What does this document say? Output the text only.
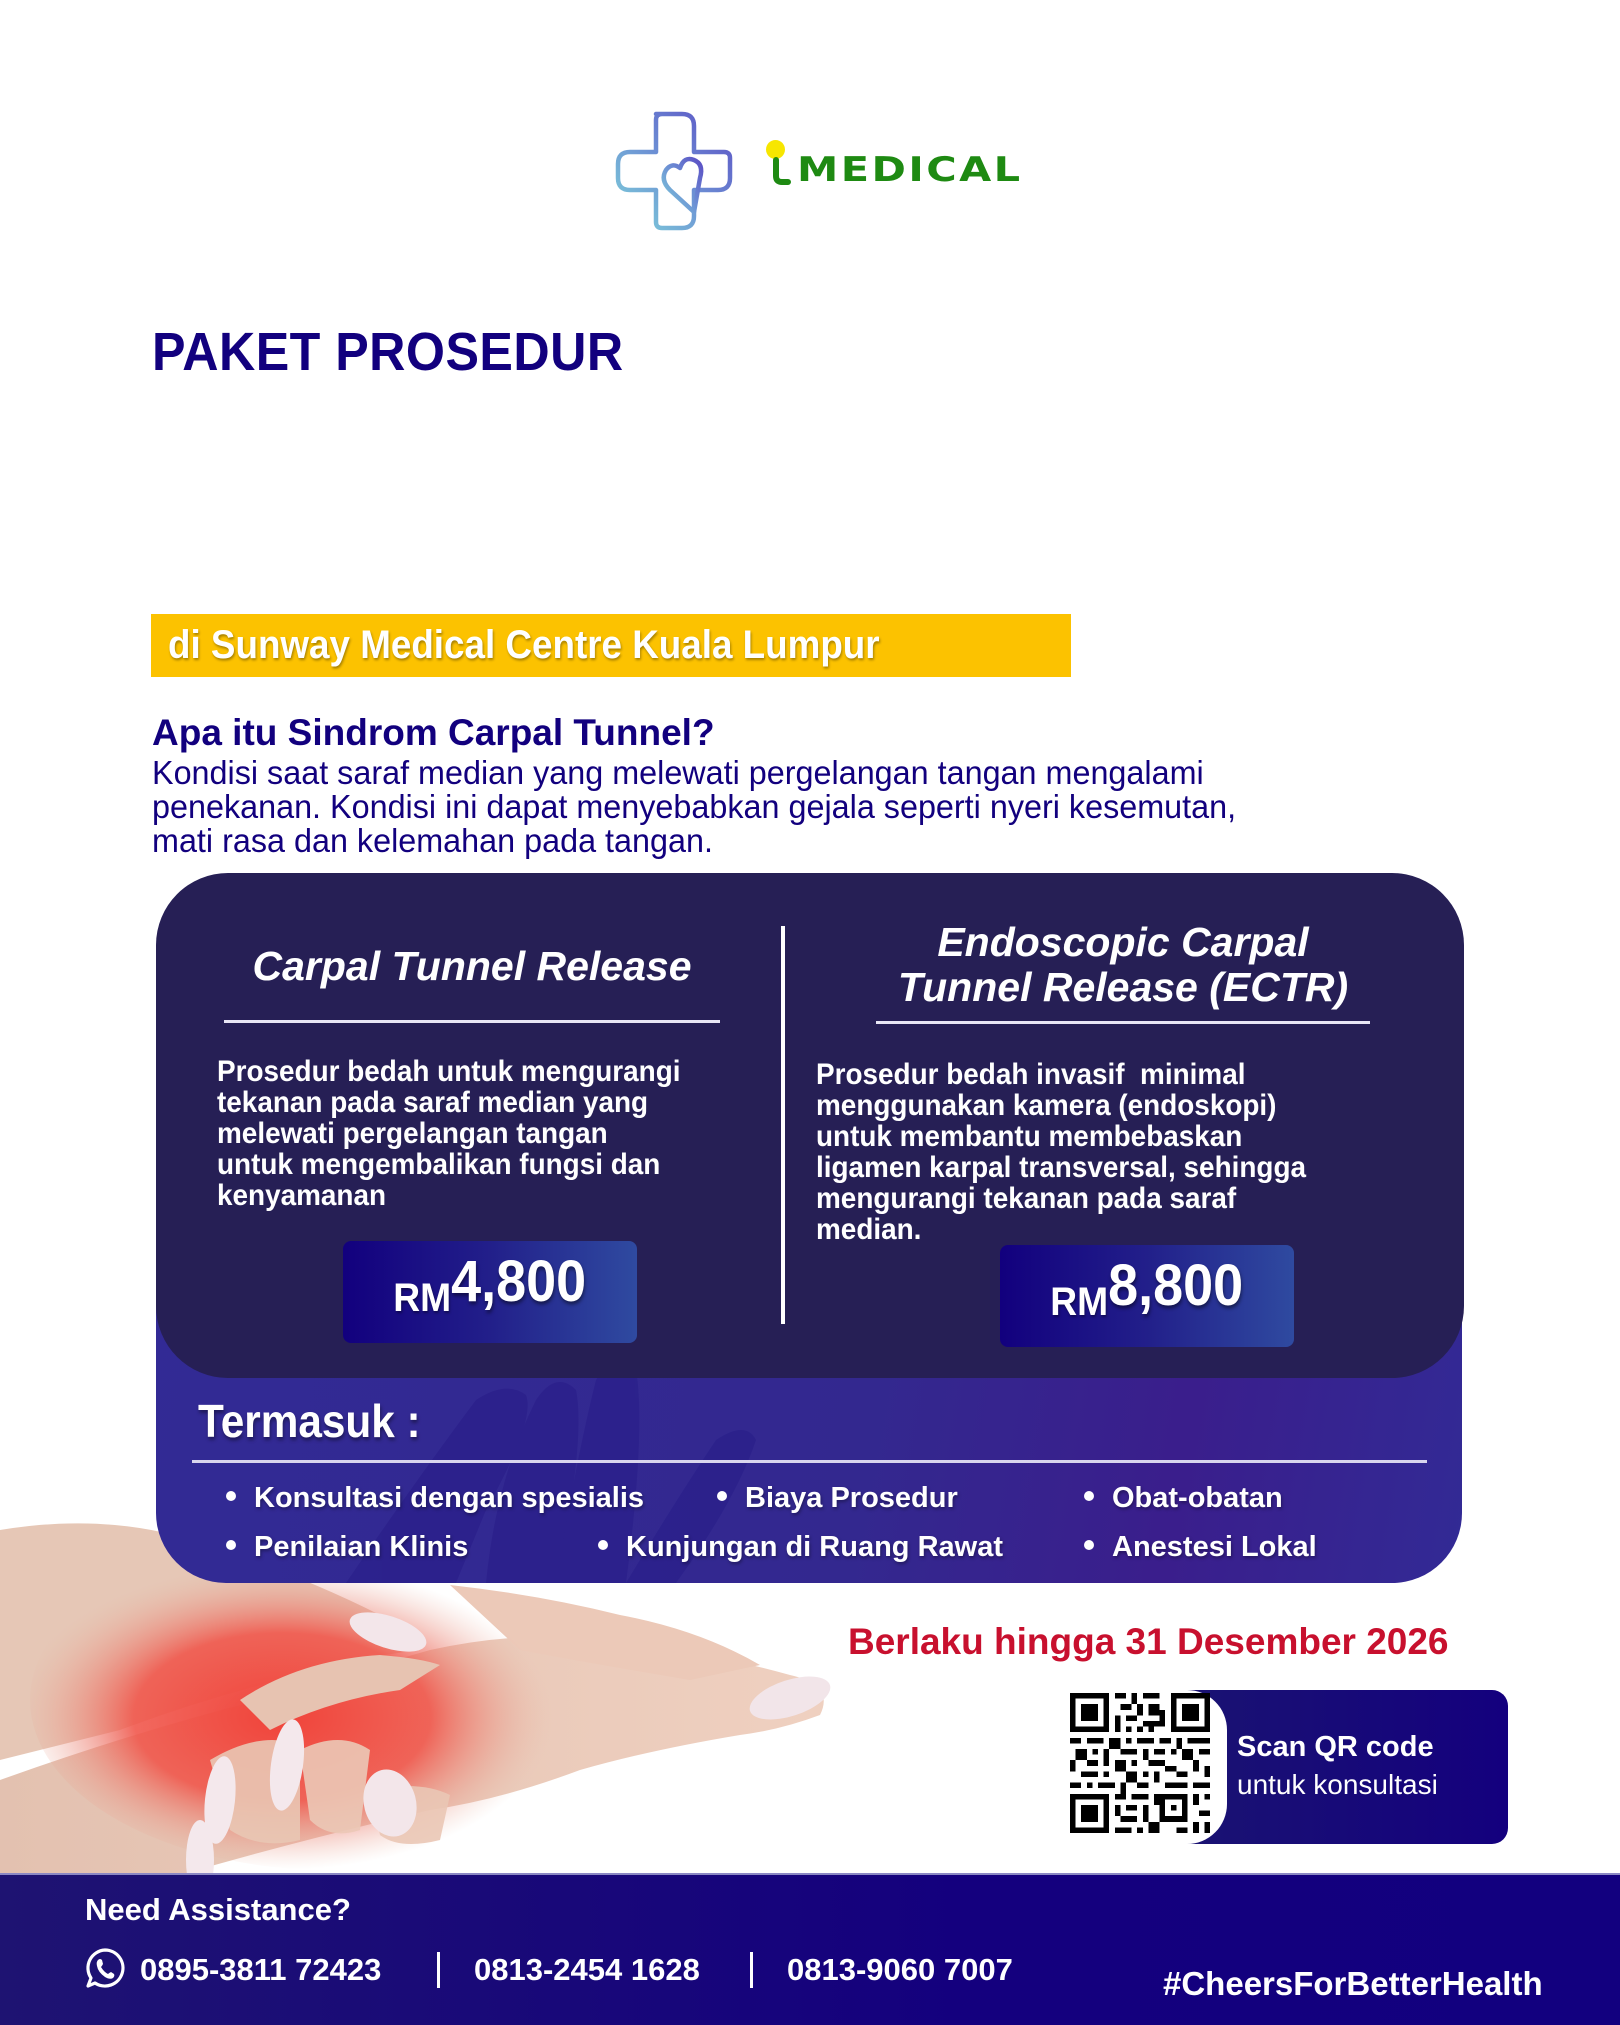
MEDICAL
PAKET PROSEDUR
CARPAL TUNNEL
SYNDROME
di Sunway Medical Centre Kuala Lumpur
Apa itu Sindrom Carpal Tunnel?
Kondisi saat saraf median yang melewati pergelangan tangan mengalami
penekanan. Kondisi ini dapat menyebabkan gejala seperti nyeri kesemutan,
mati rasa dan kelemahan pada tangan.
Termasuk :
Konsultasi dengan spesialis	Biaya Prosedur	Obat-obatan
Penilaian Klinis	Kunjungan di Ruang Rawat	Anestesi Lokal
Carpal Tunnel Release
Prosedur bedah untuk mengurangi
tekanan pada saraf median yang
melewati pergelangan tangan
untuk mengembalikan fungsi dan
kenyamanan
RM4,800
Endoscopic Carpal
Tunnel Release (ECTR)
Prosedur bedah invasif  minimal
menggunakan kamera (endoskopi)
untuk membantu membebaskan
ligamen karpal transversal, sehingga
mengurangi tekanan pada saraf
median.
RM8,800
Berlaku hingga 31 Desember 2026
Scan QR code
untuk konsultasi
Need Assistance?
0895-3811 72423	0813-2454 1628	0813-9060 7007	#CheersForBetterHealth
